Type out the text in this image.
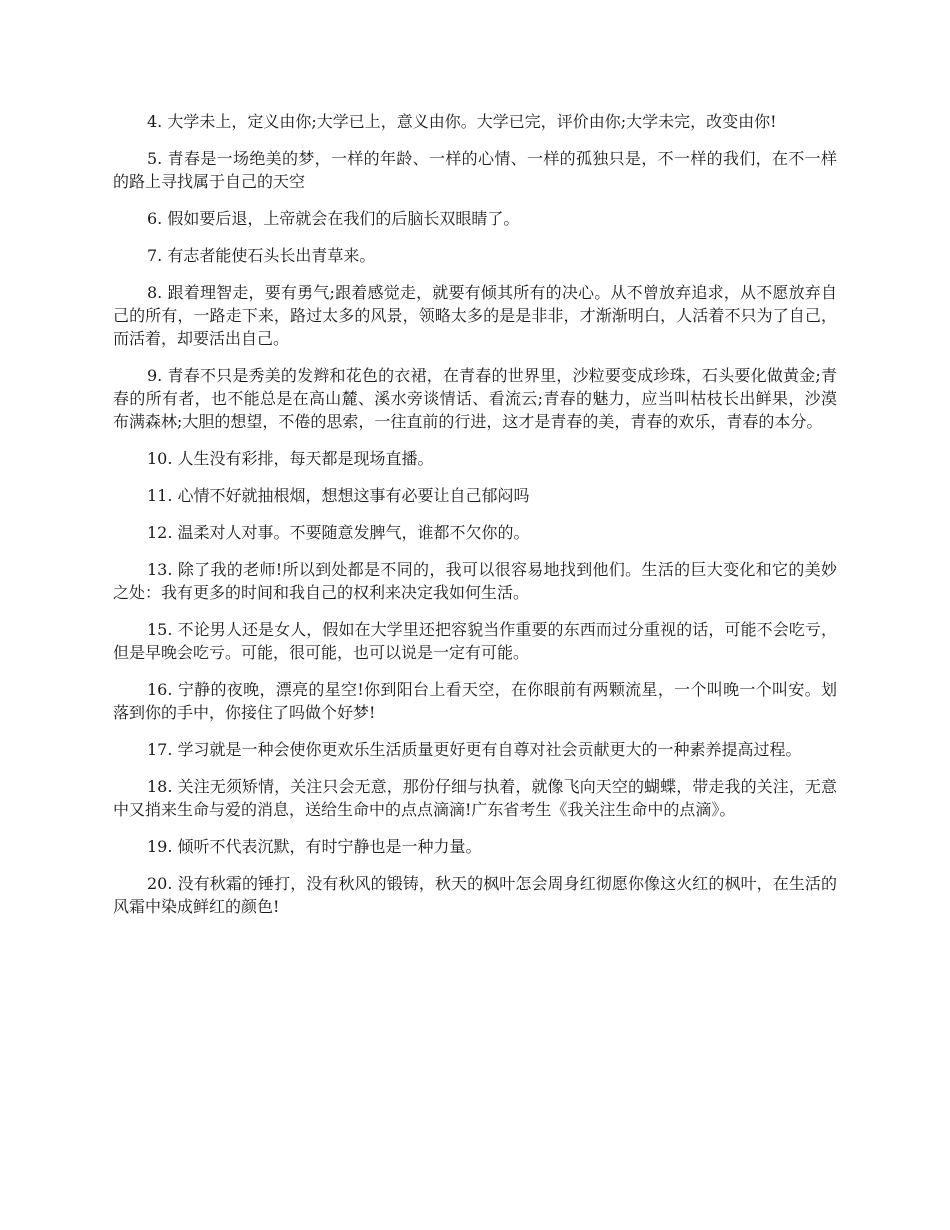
4. 大学未上，定义由你;大学已上，意义由你。大学已完，评价由你;大学未完，改变由你!

5. 青春是一场绝美的梦，一样的年龄、一样的心情、一样的孤独只是，不一样的我们，在不一样的路上寻找属于自己的天空

6. 假如要后退，上帝就会在我们的后脑长双眼睛了。

7. 有志者能使石头长出青草来。

8. 跟着理智走，要有勇气;跟着感觉走，就要有倾其所有的决心。从不曾放弃追求，从不愿放弃自己的所有，一路走下来，路过太多的风景，领略太多的是是非非，才渐渐明白，人活着不只为了自己，而活着，却要活出自己。

9. 青春不只是秀美的发辫和花色的衣裙，在青春的世界里，沙粒要变成珍珠，石头要化做黄金;青春的所有者，也不能总是在高山麓、溪水旁谈情话、看流云;青春的魅力，应当叫枯枝长出鲜果，沙漠布满森林;大胆的想望，不倦的思索，一往直前的行进，这才是青春的美，青春的欢乐，青春的本分。

10. 人生没有彩排，每天都是现场直播。

11. 心情不好就抽根烟，想想这事有必要让自己郁闷吗

12. 温柔对人对事。不要随意发脾气，谁都不欠你的。

13. 除了我的老师!所以到处都是不同的，我可以很容易地找到他们。生活的巨大变化和它的美妙之处：我有更多的时间和我自己的权利来决定我如何生活。

15. 不论男人还是女人，假如在大学里还把容貌当作重要的东西而过分重视的话，可能不会吃亏，但是早晚会吃亏。可能，很可能，也可以说是一定有可能。

16. 宁静的夜晚，漂亮的星空!你到阳台上看天空，在你眼前有两颗流星，一个叫晚一个叫安。划落到你的手中，你接住了吗做个好梦!

17. 学习就是一种会使你更欢乐生活质量更好更有自尊对社会贡献更大的一种素养提高过程。

18. 关注无须矫情，关注只会无意，那份仔细与执着，就像飞向天空的蝴蝶，带走我的关注，无意中又捎来生命与爱的消息，送给生命中的点点滴滴!广东省考生《我关注生命中的点滴》。

19. 倾听不代表沉默，有时宁静也是一种力量。

20. 没有秋霜的锤打，没有秋风的锻铸，秋天的枫叶怎会周身红彻愿你像这火红的枫叶，在生活的风霜中染成鲜红的颜色!
